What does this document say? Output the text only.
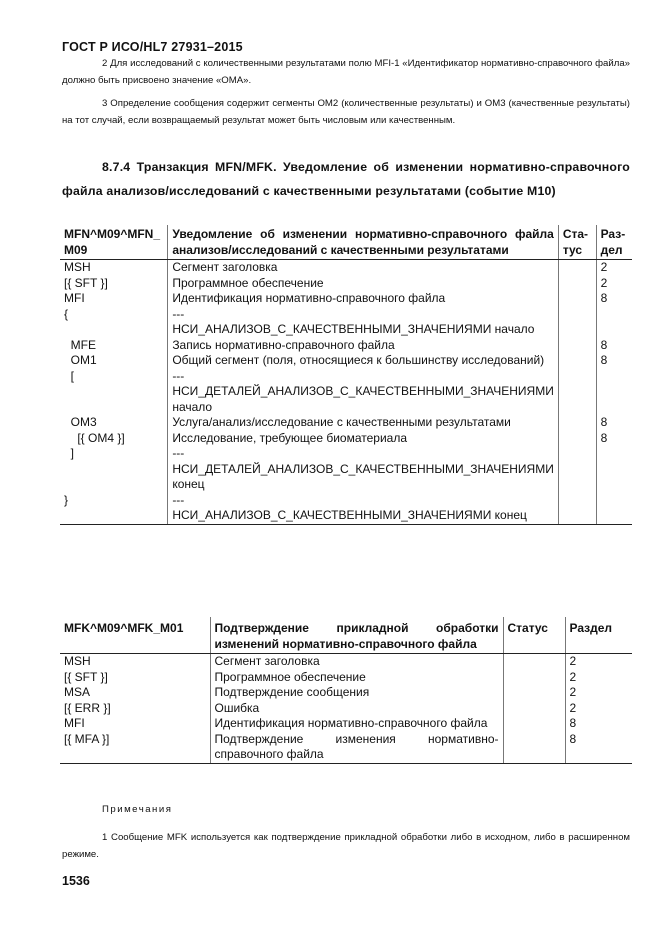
ГОСТ Р ИСО/HL7 27931–2015

2 Для исследований с количественными результатами полю MFI-1 «Идентификатор нормативно-справочного файла» должно быть присвоено значение «OMA».

3 Определение сообщения содержит сегменты OM2 (количественные результаты) и OM3 (качественные результаты) на тот случай, если возвращаемый результат может быть числовым или качественным.

8.7.4 Транзакция MFN/MFK. Уведомление об изменении нормативно-справочного файла анализов/исследований с качественными результатами (событие M10)
MFN^M09^MFN_ M09	Уведомление об изменении нормативно-справочного файла анализов/исследований с качественными результатами	Ста-тус	Раз-дел
MSH	Сегмент заголовка		2
[{ SFT }]	Программное обеспечение		2
MFI	Идентификация нормативно-справочного файла		8
{	---
НСИ_АНАЛИЗОВ_С_КАЧЕСТВЕННЫМИ_ЗНАЧЕНИЯМИ начало		
MFE	Запись нормативно-справочного файла		8
OM1	Общий сегмент (поля, относящиеся к большинству исследований)		8
[	---
НСИ_ДЕТАЛЕЙ_АНАЛИЗОВ_С_КАЧЕСТВЕННЫМИ_ЗНАЧЕНИЯМИ начало		
OM3	Услуга/анализ/исследование с качественными результатами		8
[{ OM4 }]	Исследование, требующее биоматериала		8
]	---
НСИ_ДЕТАЛЕЙ_АНАЛИЗОВ_С_КАЧЕСТВЕННЫМИ_ЗНАЧЕНИЯМИ конец		
}	---
НСИ_АНАЛИЗОВ_С_КАЧЕСТВЕННЫМИ_ЗНАЧЕНИЯМИ конец		
MFK^M09^MFK_M01	Подтверждение прикладной обработки изменений нормативно-справочного файла	Статус	Раздел
MSH	Сегмент заголовка		2
[{ SFT }]	Программное обеспечение		2
MSA	Подтверждение сообщения		2
[{ ERR }]	Ошибка		2
MFI	Идентификация нормативно-справочного файла		8
[{ MFA }]	Подтверждение изменения нормативно-справочного файла		8
Примечания

1 Сообщение MFK используется как подтверждение прикладной обработки либо в исходном, либо в расширенном режиме.

1536
